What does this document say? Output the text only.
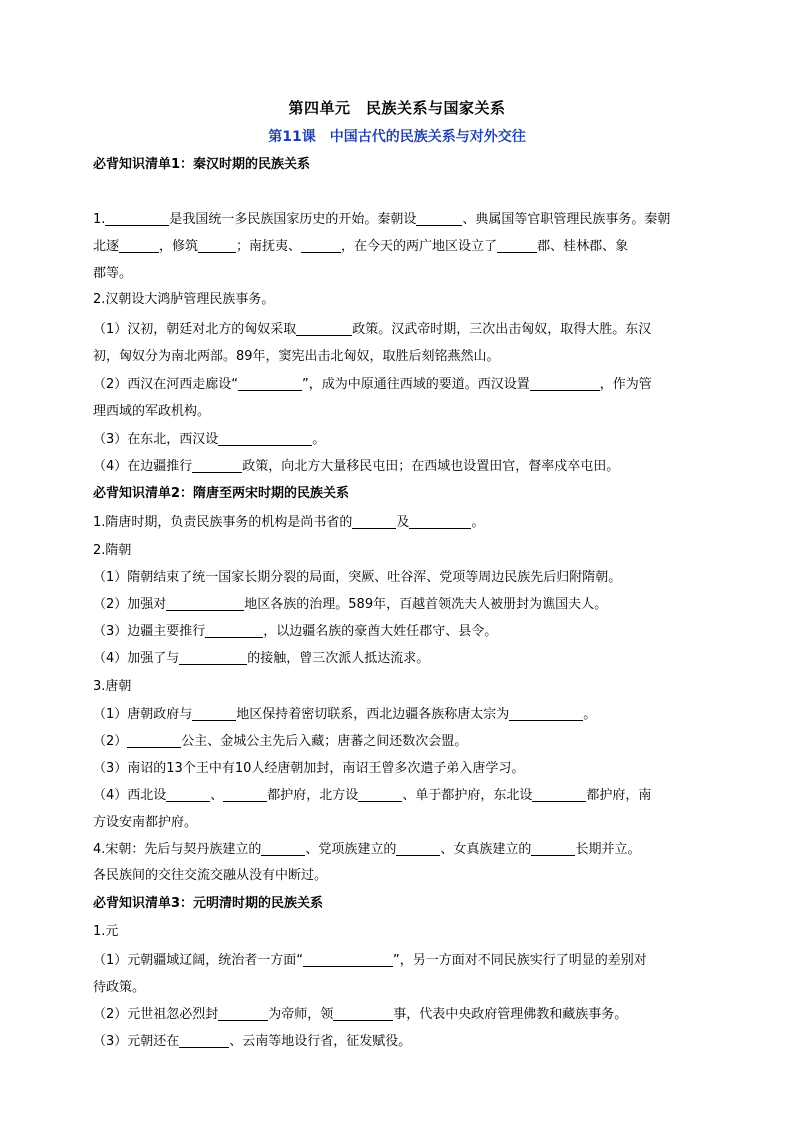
第四单元　民族关系与国家关系
第11课　中国古代的民族关系与对外交往
必背知识清单1：秦汉时期的民族关系
1.	是我国统一多民族国家历史的开始。秦朝设	、典属国等官职管理民族事务。秦朝
北逐	，修筑	；南抚夷、	，在今天的两广地区设立了	郡、桂林郡、象
郡等。
2.汉朝设大鸿胪管理民族事务。
（1）汉初，朝廷对北方的匈奴采取	政策。汉武帝时期，三次出击匈奴，取得大胜。东汉
初，匈奴分为南北两部。89年，窦宪出击北匈奴，取胜后刻铭燕然山。
（2）西汉在河西走廊设“	”，成为中原通往西域的要道。西汉设置	，作为管
理西域的军政机构。
（3）在东北，西汉设	。
（4）在边疆推行	政策，向北方大量移民屯田；在西域也设置田官，督率戍卒屯田。
必背知识清单2：隋唐至两宋时期的民族关系
1.隋唐时期，负责民族事务的机构是尚书省的	及	。
2.隋朝
（1）隋朝结束了统一国家长期分裂的局面，突厥、吐谷浑、党项等周边民族先后归附隋朝。
（2）加强对	地区各族的治理。589年，百越首领冼夫人被册封为谯国夫人。
（3）边疆主要推行	，以边疆名族的豪酋大姓任郡守、县令。
（4）加强了与	的接触，曾三次派人抵达流求。
3.唐朝
（1）唐朝政府与	地区保持着密切联系，西北边疆各族称唐太宗为	。
（2）	公主、金城公主先后入藏；唐蕃之间还数次会盟。
（3）南诏的13个王中有10人经唐朝加封，南诏王曾多次遣子弟入唐学习。
（4）西北设	、	都护府，北方设	、单于都护府，东北设	都护府，南
方设安南都护府。
4.宋朝：先后与契丹族建立的	、党项族建立的	、女真族建立的	长期并立。
各民族间的交往交流交融从没有中断过。
必背知识清单3：元明清时期的民族关系
1.元
（1）元朝疆域辽阔，统治者一方面“	”，另一方面对不同民族实行了明显的差别对
待政策。
（2）元世祖忽必烈封	为帝师，领	事，代表中央政府管理佛教和藏族事务。
（3）元朝还在	、云南等地设行省，征发赋役。
